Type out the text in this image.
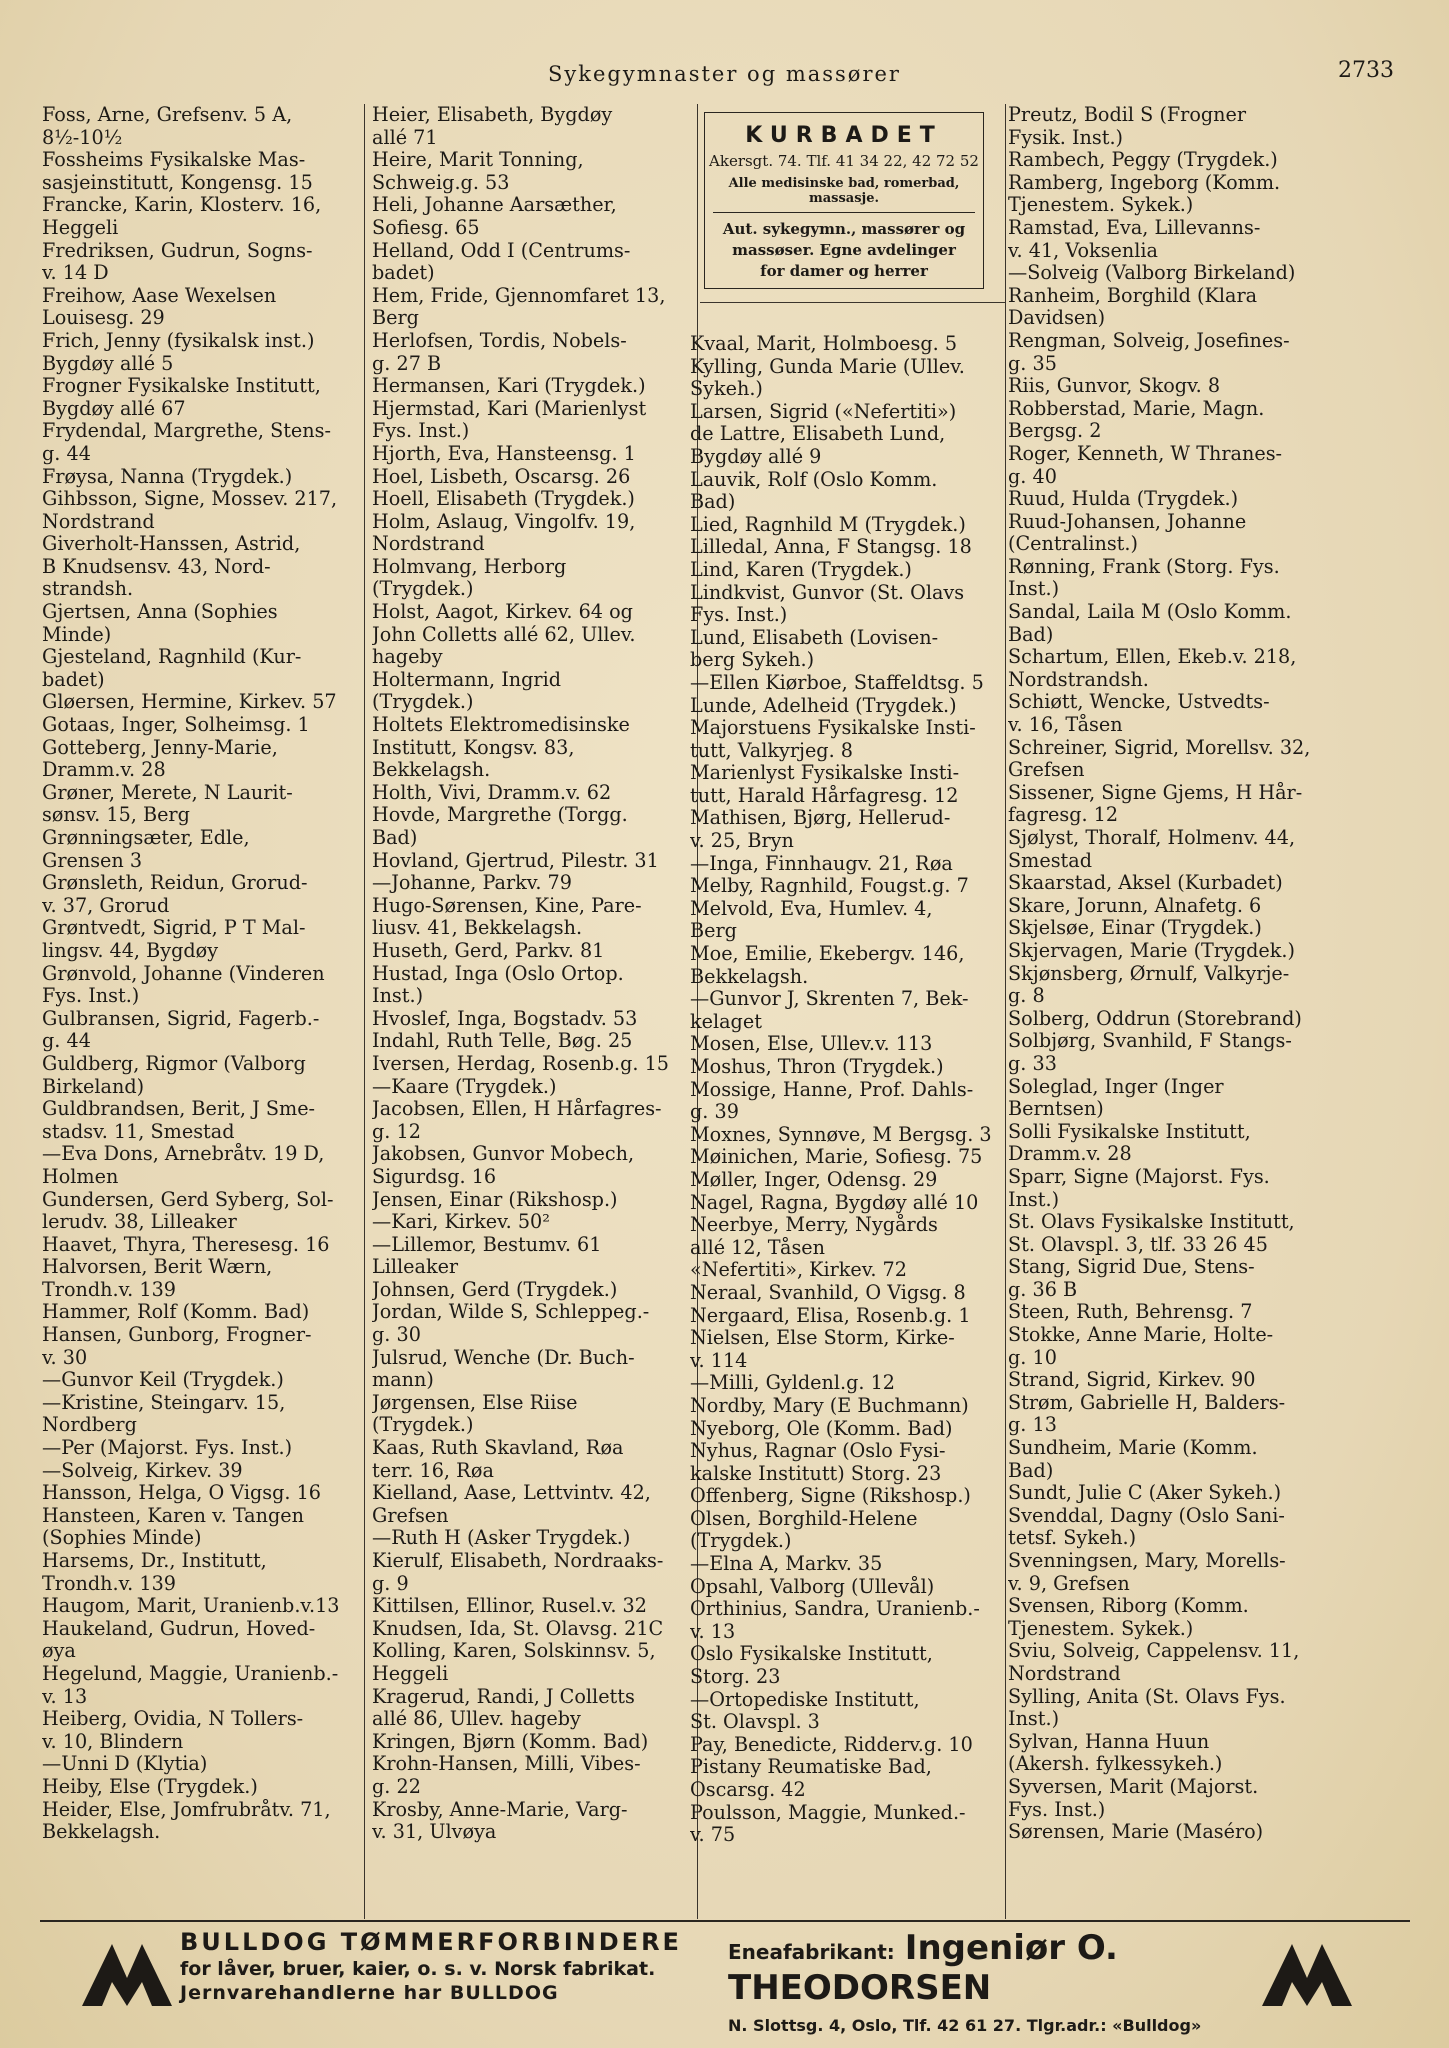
Sykegymnaster og massører	2733

Foss, Arne, Grefsenv. 5 A,

8½-10½

Fossheims Fysikalske Mas-

sasjeinstitutt, Kongensg. 15

Francke, Karin, Klosterv. 16,

Heggeli

Fredriksen, Gudrun, Sogns-

v. 14 D

Freihow, Aase Wexelsen

Louisesg. 29

Frich, Jenny (fysikalsk inst.)

Bygdøy allé 5

Frogner Fysikalske Institutt,

Bygdøy allé 67

Frydendal, Margrethe, Stens-

g. 44

Frøysa, Nanna (Trygdek.)

Gihbsson, Signe, Mossev. 217,

Nordstrand

Giverholt-Hanssen, Astrid,

B Knudsensv. 43, Nord-

strandsh.

Gjertsen, Anna (Sophies

Minde)

Gjesteland, Ragnhild (Kur-

badet)

Gløersen, Hermine, Kirkev. 57

Gotaas, Inger, Solheimsg. 1

Gotteberg, Jenny-Marie,

Dramm.v. 28

Grøner, Merete, N Laurit-

sønsv. 15, Berg

Grønningsæter, Edle,

Grensen 3

Grønsleth, Reidun, Grorud-

v. 37, Grorud

Grøntvedt, Sigrid, P T Mal-

lingsv. 44, Bygdøy

Grønvold, Johanne (Vinderen

Fys. Inst.)

Gulbransen, Sigrid, Fagerb.-

g. 44

Guldberg, Rigmor (Valborg

Birkeland)

Guldbrandsen, Berit, J Sme-

stadsv. 11, Smestad

—Eva Dons, Arnebråtv. 19 D,

Holmen

Gundersen, Gerd Syberg, Sol-

lerudv. 38, Lilleaker

Haavet, Thyra, Theresesg. 16

Halvorsen, Berit Wærn,

Trondh.v. 139

Hammer, Rolf (Komm. Bad)

Hansen, Gunborg, Frogner-

v. 30

—Gunvor Keil (Trygdek.)

—Kristine, Steingarv. 15,

Nordberg

—Per (Majorst. Fys. Inst.)

—Solveig, Kirkev. 39

Hansson, Helga, O Vigsg. 16

Hansteen, Karen v. Tangen

(Sophies Minde)

Harsems, Dr., Institutt,

Trondh.v. 139

Haugom, Marit, Uranienb.v.13

Haukeland, Gudrun, Hoved-

øya

Hegelund, Maggie, Uranienb.-

v. 13

Heiberg, Ovidia, N Tollers-

v. 10, Blindern

—Unni D (Klytia)

Heiby, Else (Trygdek.)

Heider, Else, Jomfrubråtv. 71,

Bekkelagsh.

Heier, Elisabeth, Bygdøy

allé 71

Heire, Marit Tonning,

Schweig.g. 53

Heli, Johanne Aarsæther,

Sofiesg. 65

Helland, Odd I (Centrums-

badet)

Hem, Fride, Gjennomfaret 13,

Berg

Herlofsen, Tordis, Nobels-

g. 27 B

Hermansen, Kari (Trygdek.)

Hjermstad, Kari (Marienlyst

Fys. Inst.)

Hjorth, Eva, Hansteensg. 1

Hoel, Lisbeth, Oscarsg. 26

Hoell, Elisabeth (Trygdek.)

Holm, Aslaug, Vingolfv. 19,

Nordstrand

Holmvang, Herborg

(Trygdek.)

Holst, Aagot, Kirkev. 64 og

John Colletts allé 62, Ullev.

hageby

Holtermann, Ingrid

(Trygdek.)

Holtets Elektromedisinske

Institutt, Kongsv. 83,

Bekkelagsh.

Holth, Vivi, Dramm.v. 62

Hovde, Margrethe (Torgg.

Bad)

Hovland, Gjertrud, Pilestr. 31

—Johanne, Parkv. 79

Hugo-Sørensen, Kine, Pare-

liusv. 41, Bekkelagsh.

Huseth, Gerd, Parkv. 81

Hustad, Inga (Oslo Ortop.

Inst.)

Hvoslef, Inga, Bogstadv. 53

Indahl, Ruth Telle, Bøg. 25

Iversen, Herdag, Rosenb.g. 15

—Kaare (Trygdek.)

Jacobsen, Ellen, H Hårfagres-

g. 12

Jakobsen, Gunvor Mobech,

Sigurdsg. 16

Jensen, Einar (Rikshosp.)

—Kari, Kirkev. 50²

—Lillemor, Bestumv. 61

Lilleaker

Johnsen, Gerd (Trygdek.)

Jordan, Wilde S, Schleppeg.-

g. 30

Julsrud, Wenche (Dr. Buch-

mann)

Jørgensen, Else Riise

(Trygdek.)

Kaas, Ruth Skavland, Røa

terr. 16, Røa

Kielland, Aase, Lettvintv. 42,

Grefsen

—Ruth H (Asker Trygdek.)

Kierulf, Elisabeth, Nordraaks-

g. 9

Kittilsen, Ellinor, Rusel.v. 32

Knudsen, Ida, St. Olavsg. 21C

Kolling, Karen, Solskinnsv. 5,

Heggeli

Kragerud, Randi, J Colletts

allé 86, Ullev. hageby

Kringen, Bjørn (Komm. Bad)

Krohn-Hansen, Milli, Vibes-

g. 22

Krosby, Anne-Marie, Varg-

v. 31, Ulvøya

KURBADET
Akersgt. 74. Tlf. 41 34 22, 42 72 52
Alle medisinske bad, romerbad, massasje.
Aut. sykegymn., massører og massøser. Egne avdelinger for damer og herrer

Kvaal, Marit, Holmboesg. 5

Kylling, Gunda Marie (Ullev.

Sykeh.)

Larsen, Sigrid («Nefertiti»)

de Lattre, Elisabeth Lund,

Bygdøy allé 9

Lauvik, Rolf (Oslo Komm.

Bad)

Lied, Ragnhild M (Trygdek.)

Lilledal, Anna, F Stangsg. 18

Lind, Karen (Trygdek.)

Lindkvist, Gunvor (St. Olavs

Fys. Inst.)

Lund, Elisabeth (Lovisen-

berg Sykeh.)

—Ellen Kiørboe, Staffeldtsg. 5

Lunde, Adelheid (Trygdek.)

Majorstuens Fysikalske Insti-

tutt, Valkyrjeg. 8

Marienlyst Fysikalske Insti-

tutt, Harald Hårfagresg. 12

Mathisen, Bjørg, Hellerud-

v. 25, Bryn

—Inga, Finnhaugv. 21, Røa

Melby, Ragnhild, Fougst.g. 7

Melvold, Eva, Humlev. 4,

Berg

Moe, Emilie, Ekebergv. 146,

Bekkelagsh.

—Gunvor J, Skrenten 7, Bek-

kelaget

Mosen, Else, Ullev.v. 113

Moshus, Thron (Trygdek.)

Mossige, Hanne, Prof. Dahls-

g. 39

Moxnes, Synnøve, M Bergsg. 3

Møinichen, Marie, Sofiesg. 75

Møller, Inger, Odensg. 29

Nagel, Ragna, Bygdøy allé 10

Neerbye, Merry, Nygårds

allé 12, Tåsen

«Nefertiti», Kirkev. 72

Neraal, Svanhild, O Vigsg. 8

Nergaard, Elisa, Rosenb.g. 1

Nielsen, Else Storm, Kirke-

v. 114

—Milli, Gyldenl.g. 12

Nordby, Mary (E Buchmann)

Nyeborg, Ole (Komm. Bad)

Nyhus, Ragnar (Oslo Fysi-

kalske Institutt) Storg. 23

Offenberg, Signe (Rikshosp.)

Olsen, Borghild-Helene

(Trygdek.)

—Elna A, Markv. 35

Opsahl, Valborg (Ullevål)

Orthinius, Sandra, Uranienb.-

v. 13

Oslo Fysikalske Institutt,

Storg. 23

—Ortopediske Institutt,

St. Olavspl. 3

Pay, Benedicte, Ridderv.g. 10

Pistany Reumatiske Bad,

Oscarsg. 42

Poulsson, Maggie, Munked.-

v. 75

Preutz, Bodil S (Frogner

Fysik. Inst.)

Rambech, Peggy (Trygdek.)

Ramberg, Ingeborg (Komm.

Tjenestem. Sykek.)

Ramstad, Eva, Lillevanns-

v. 41, Voksenlia

—Solveig (Valborg Birkeland)

Ranheim, Borghild (Klara

Davidsen)

Rengman, Solveig, Josefines-

g. 35

Riis, Gunvor, Skogv. 8

Robberstad, Marie, Magn.

Bergsg. 2

Roger, Kenneth, W Thranes-

g. 40

Ruud, Hulda (Trygdek.)

Ruud-Johansen, Johanne

(Centralinst.)

Rønning, Frank (Storg. Fys.

Inst.)

Sandal, Laila M (Oslo Komm.

Bad)

Schartum, Ellen, Ekeb.v. 218,

Nordstrandsh.

Schiøtt, Wencke, Ustvedts-

v. 16, Tåsen

Schreiner, Sigrid, Morellsv. 32,

Grefsen

Sissener, Signe Gjems, H Hår-

fagresg. 12

Sjølyst, Thoralf, Holmenv. 44,

Smestad

Skaarstad, Aksel (Kurbadet)

Skare, Jorunn, Alnafetg. 6

Skjelsøe, Einar (Trygdek.)

Skjervagen, Marie (Trygdek.)

Skjønsberg, Ørnulf, Valkyrje-

g. 8

Solberg, Oddrun (Storebrand)

Solbjørg, Svanhild, F Stangs-

g. 33

Soleglad, Inger (Inger

Berntsen)

Solli Fysikalske Institutt,

Dramm.v. 28

Sparr, Signe (Majorst. Fys.

Inst.)

St. Olavs Fysikalske Institutt,

St. Olavspl. 3, tlf. 33 26 45

Stang, Sigrid Due, Stens-

g. 36 B

Steen, Ruth, Behrensg. 7

Stokke, Anne Marie, Holte-

g. 10

Strand, Sigrid, Kirkev. 90

Strøm, Gabrielle H, Balders-

g. 13

Sundheim, Marie (Komm.

Bad)

Sundt, Julie C (Aker Sykeh.)

Svenddal, Dagny (Oslo Sani-

tetsf. Sykeh.)

Svenningsen, Mary, Morells-

v. 9, Grefsen

Svensen, Riborg (Komm.

Tjenestem. Sykek.)

Sviu, Solveig, Cappelensv. 11,

Nordstrand

Sylling, Anita (St. Olavs Fys.

Inst.)

Sylvan, Hanna Huun

(Akersh. fylkessykeh.)

Syversen, Marit (Majorst.

Fys. Inst.)

Sørensen, Marie (Maséro)

BULLDOG TØMMERFORBINDERE
for låver, bruer, kaier, o. s. v. Norsk fabrikat.
Jernvarehandlerne har BULLDOG
Eneafabrikant: Ingeniør O. THEODORSEN
N. Slottsg. 4, Oslo, Tlf. 42 61 27. Tlgr.adr.: «Bulldog»
